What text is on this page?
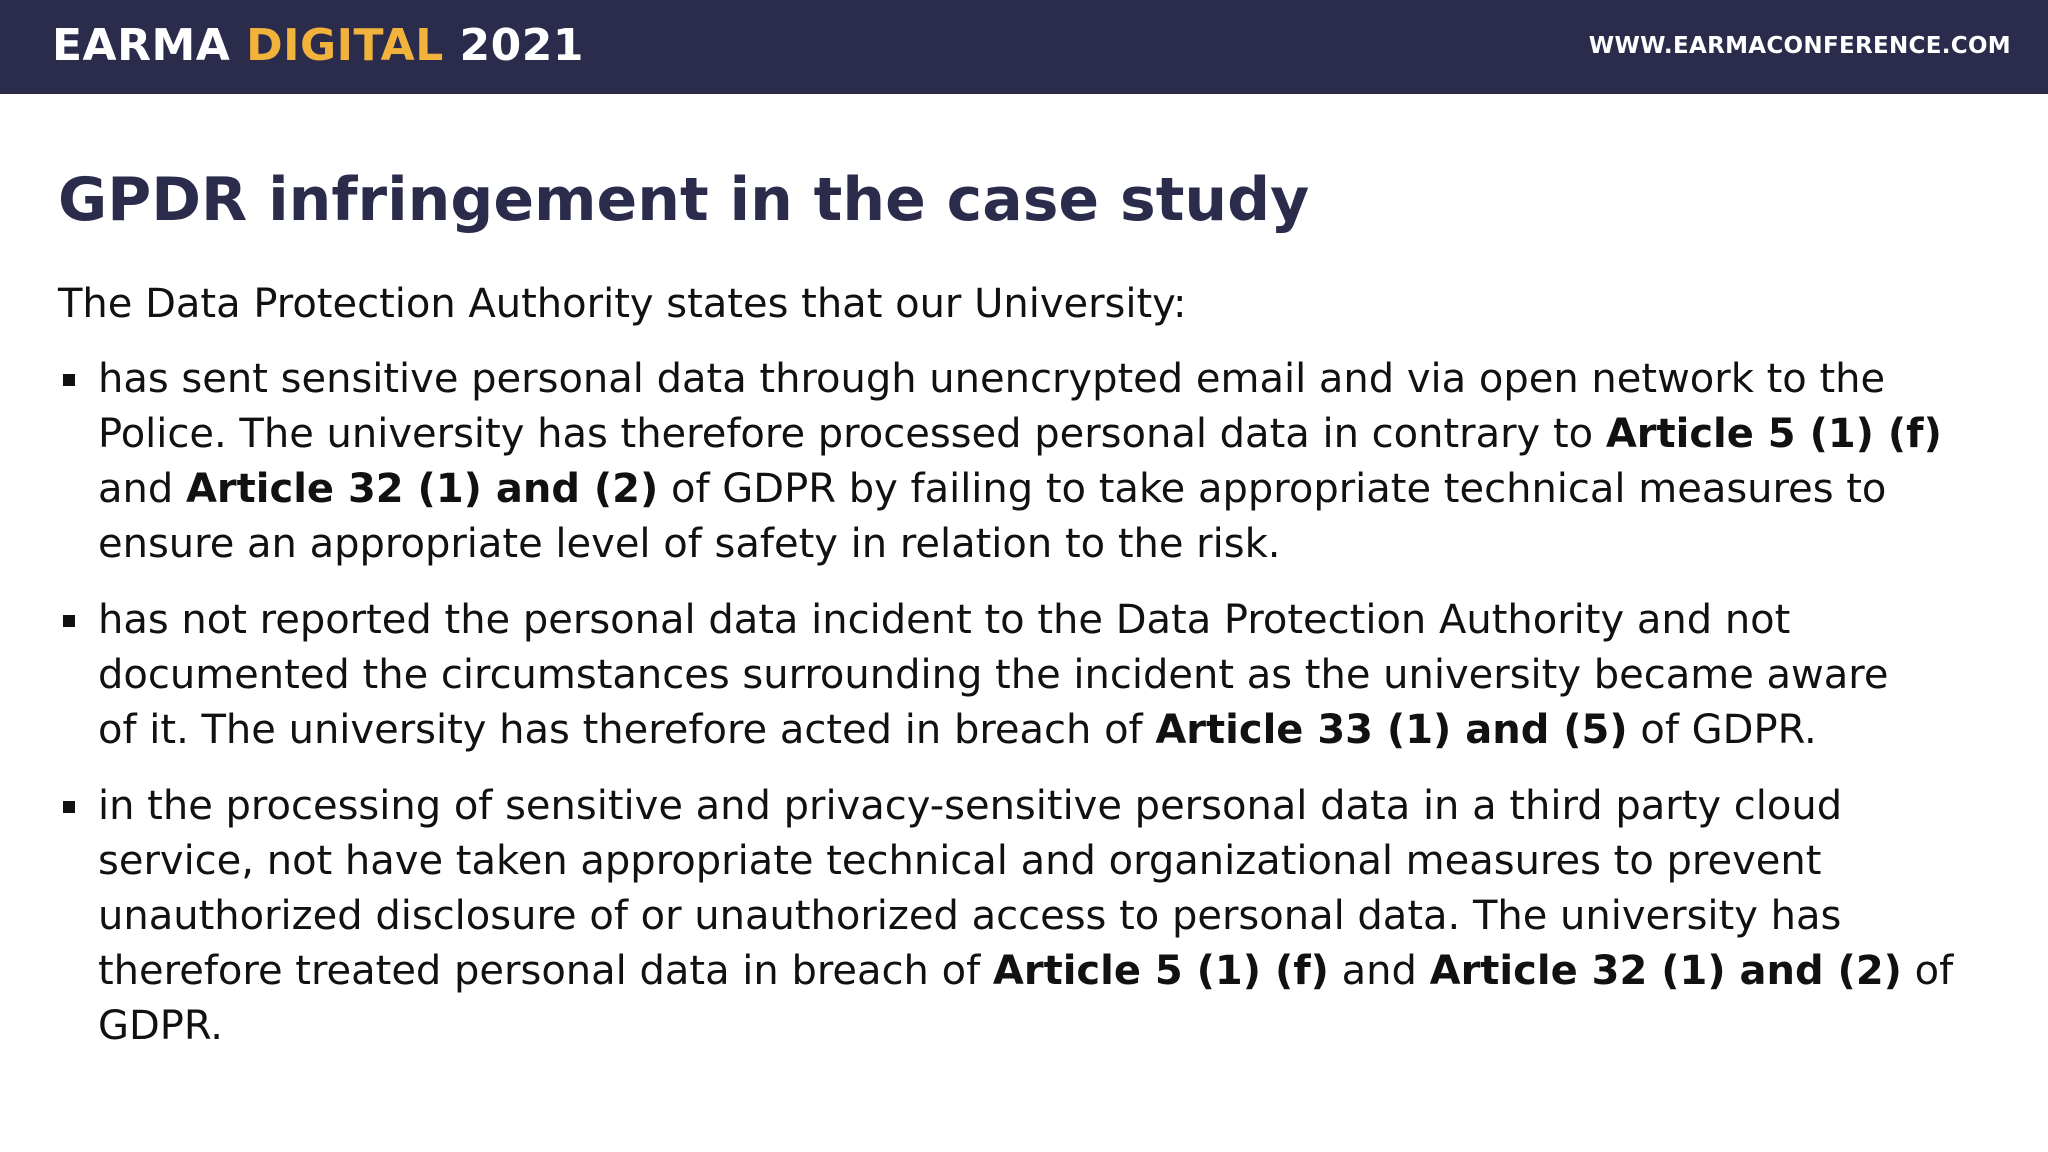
EARMA DIGITAL 2021	WWW.EARMACONFERENCE.COM
GPDR infringement in the case study

The Data Protection Authority states that our University:

has sent sensitive personal data through unencrypted email and via open network to the
Police. The university has therefore processed personal data in contrary to Article 5 (1) (f)
and Article 32 (1) and (2) of GDPR by failing to take appropriate technical measures to
ensure an appropriate level of safety in relation to the risk.
has not reported the personal data incident to the Data Protection Authority and not
documented the circumstances surrounding the incident as the university became aware
of it. The university has therefore acted in breach of Article 33 (1) and (5) of GDPR.
in the processing of sensitive and privacy-sensitive personal data in a third party cloud
service, not have taken appropriate technical and organizational measures to prevent
unauthorized disclosure of or unauthorized access to personal data. The university has
therefore treated personal data in breach of Article 5 (1) (f) and Article 32 (1) and (2) of
GDPR.
